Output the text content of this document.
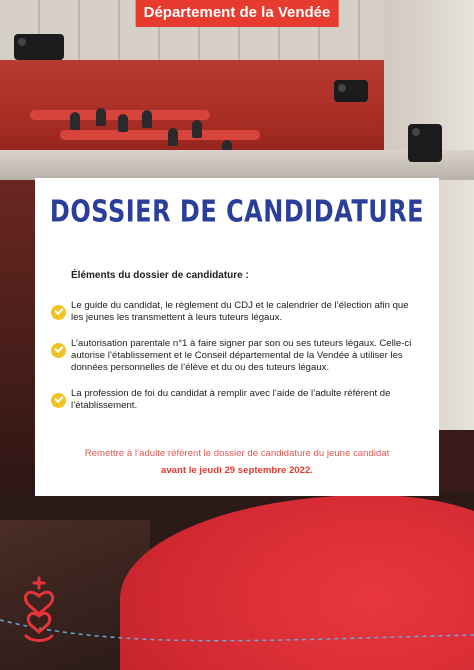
Département de la Vendée
DOSSIER DE CANDIDATURE
Éléments du dossier de candidature :
Le guide du candidat, le règlement du CDJ et le calendrier de l’élection afin que les jeunes les transmettent à leurs tuteurs légaux.
L’autorisation parentale n°1 à faire signer par son ou ses tuteurs légaux. Celle-ci autorise l’établissement et le Conseil départemental de la Vendée à utiliser les données personnelles de l’élève et du ou des tuteurs légaux.
La profession de foi du candidat à remplir avec l’aide de l’adulte référent de l’établissement.
Remettre à l’adulte référent le dossier de candidature du jeune candidat
avant le jeudi 29 septembre 2022.
